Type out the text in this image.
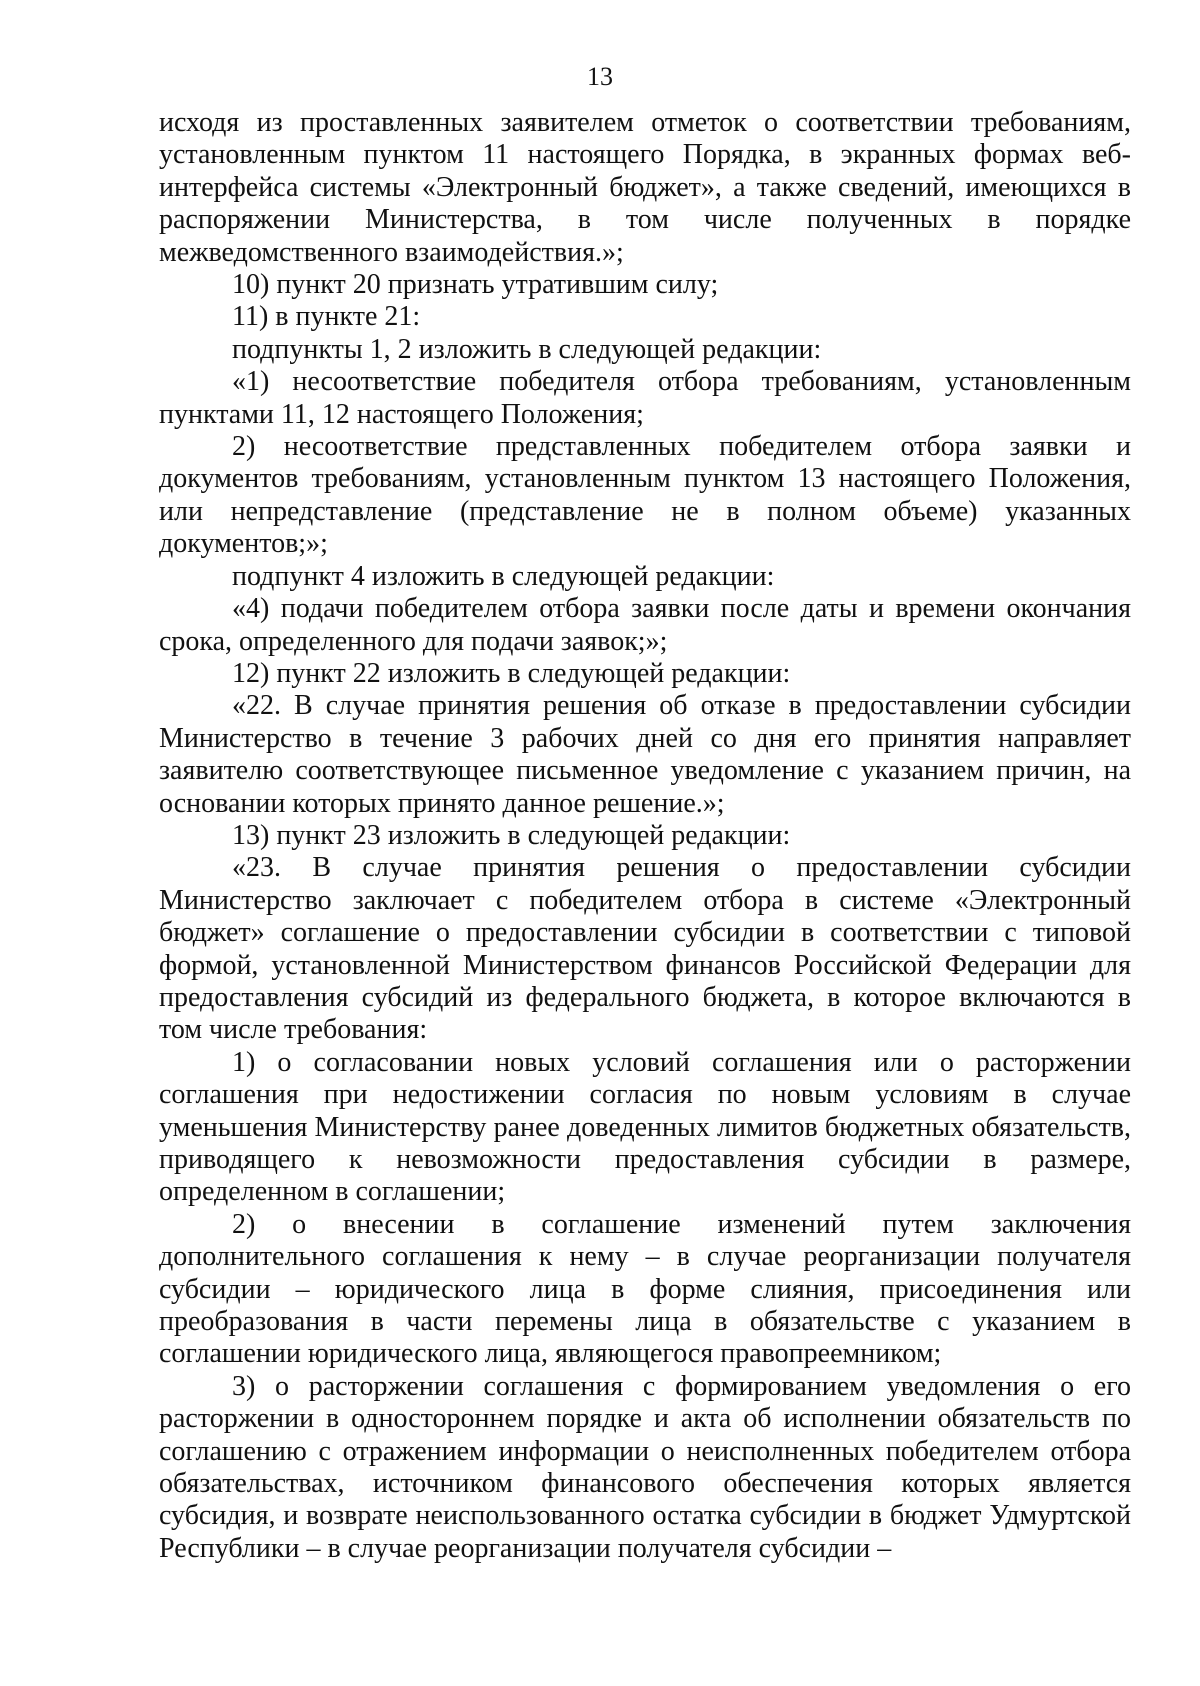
13

исходя из проставленных заявителем отметок о соответствии требованиям, установленным пунктом 11 настоящего Порядка, в экранных формах веб-интерфейса системы «Электронный бюджет», а также сведений, имеющихся в распоряжении Министерства, в том числе полученных в порядке межведомственного взаимодействия.»;

10) пункт 20 признать утратившим силу;

11) в пункте 21:

подпункты 1, 2 изложить в следующей редакции:

«1) несоответствие победителя отбора требованиям, установленным пунктами 11, 12 настоящего Положения;

2) несоответствие представленных победителем отбора заявки и документов требованиям, установленным пунктом 13 настоящего Положения, или непредставление (представление не в полном объеме) указанных документов;»;

подпункт 4 изложить в следующей редакции:

«4) подачи победителем отбора заявки после даты и времени окончания срока, определенного для подачи заявок;»;

12) пункт 22 изложить в следующей редакции:

«22. В случае принятия решения об отказе в предоставлении субсидии Министерство в течение 3 рабочих дней со дня его принятия направляет заявителю соответствующее письменное уведомление с указанием причин, на основании которых принято данное решение.»;

13) пункт 23 изложить в следующей редакции:

«23. В случае принятия решения о предоставлении субсидии Министерство заключает с победителем отбора в системе «Электронный бюджет» соглашение о предоставлении субсидии в соответствии с типовой формой, установленной Министерством финансов Российской Федерации для предоставления субсидий из федерального бюджета, в которое включаются в том числе требования:

1) о согласовании новых условий соглашения или о расторжении соглашения при недостижении согласия по новым условиям в случае уменьшения Министерству ранее доведенных лимитов бюджетных обязательств, приводящего к невозможности предоставления субсидии в размере, определенном в соглашении;

2) о внесении в соглашение изменений путем заключения дополнительного соглашения к нему – в случае реорганизации получателя субсидии – юридического лица в форме слияния, присоединения или преобразования в части перемены лица в обязательстве с указанием в соглашении юридического лица, являющегося правопреемником;

3) о расторжении соглашения с формированием уведомления о его расторжении в одностороннем порядке и акта об исполнении обязательств по соглашению с отражением информации о неисполненных победителем отбора обязательствах, источником финансового обеспечения которых является субсидия, и возврате неиспользованного остатка субсидии в бюджет Удмуртской Республики – в случае реорганизации получателя субсидии –
